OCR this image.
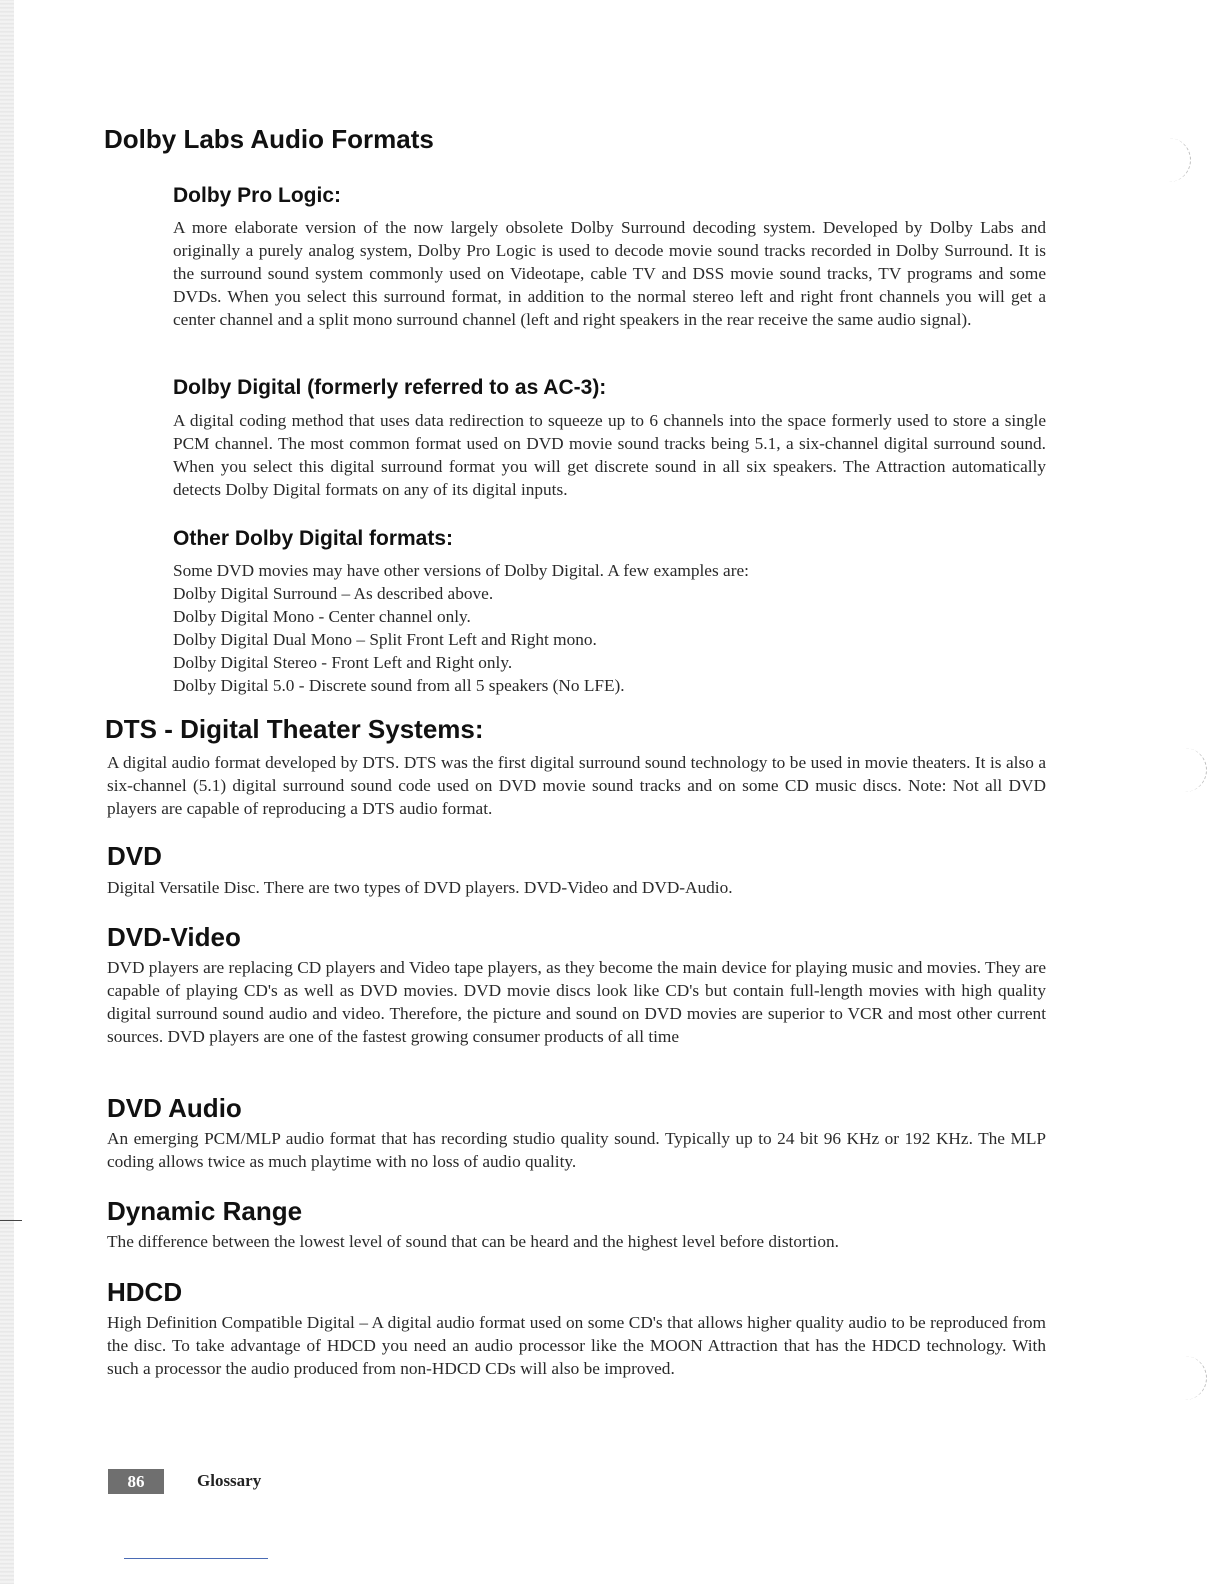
Dolby Labs Audio Formats
Dolby Pro Logic:

A more elaborate version of the now largely obsolete Dolby Surround decoding system. Developed by Dolby Labs and originally a purely analog system, Dolby Pro Logic is used to decode movie sound tracks recorded in Dolby Surround. It is the surround sound system commonly used on Videotape, cable TV and DSS movie sound tracks, TV programs and some DVDs. When you select this surround format, in addition to the normal stereo left and right front channels you will get a center channel and a split mono surround channel (left and right speakers in the rear receive the same audio signal).

Dolby Digital (formerly referred to as AC-3):

A digital coding method that uses data redirection to squeeze up to 6 channels into the space formerly used to store a single PCM channel. The most common format used on DVD movie sound tracks being 5.1, a six-channel digital surround sound. When you select this digital surround format you will get discrete sound in all six speakers. The Attraction automatically detects Dolby Digital formats on any of its digital inputs.

Other Dolby Digital formats:
Some DVD movies may have other versions of Dolby Digital. A few examples are:
Dolby Digital Surround – As described above.
Dolby Digital Mono - Center channel only.
Dolby Digital Dual Mono – Split Front Left and Right mono.
Dolby Digital Stereo - Front Left and Right only.
Dolby Digital 5.0 - Discrete sound from all 5 speakers (No LFE).
DTS - Digital Theater Systems:

A digital audio format developed by DTS. DTS was the first digital surround sound technology to be used in movie theaters. It is also a six-channel (5.1) digital surround sound code used on DVD movie sound tracks and on some CD music discs. Note: Not all DVD players are capable of reproducing a DTS audio format.

DVD

Digital Versatile Disc. There are two types of DVD players. DVD-Video and DVD-Audio.

DVD-Video

DVD players are replacing CD players and Video tape players, as they become the main device for playing music and movies. They are capable of playing CD's as well as DVD movies. DVD movie discs look like CD's but contain full-length movies with high quality digital surround sound audio and video. Therefore, the picture and sound on DVD movies are superior to VCR and most other current sources. DVD players are one of the fastest growing consumer products of all time

DVD Audio

An emerging PCM/MLP audio format that has recording studio quality sound. Typically up to 24 bit 96 KHz or 192 KHz. The MLP coding allows twice as much playtime with no loss of audio quality.

Dynamic Range

The difference between the lowest level of sound that can be heard and the highest level before distortion.

HDCD

High Definition Compatible Digital – A digital audio format used on some CD's that allows higher quality audio to be reproduced from the disc. To take advantage of HDCD you need an audio processor like the MOON Attraction that has the HDCD technology. With such a processor the audio produced from non-HDCD CDs will also be improved.

86	Glossary
